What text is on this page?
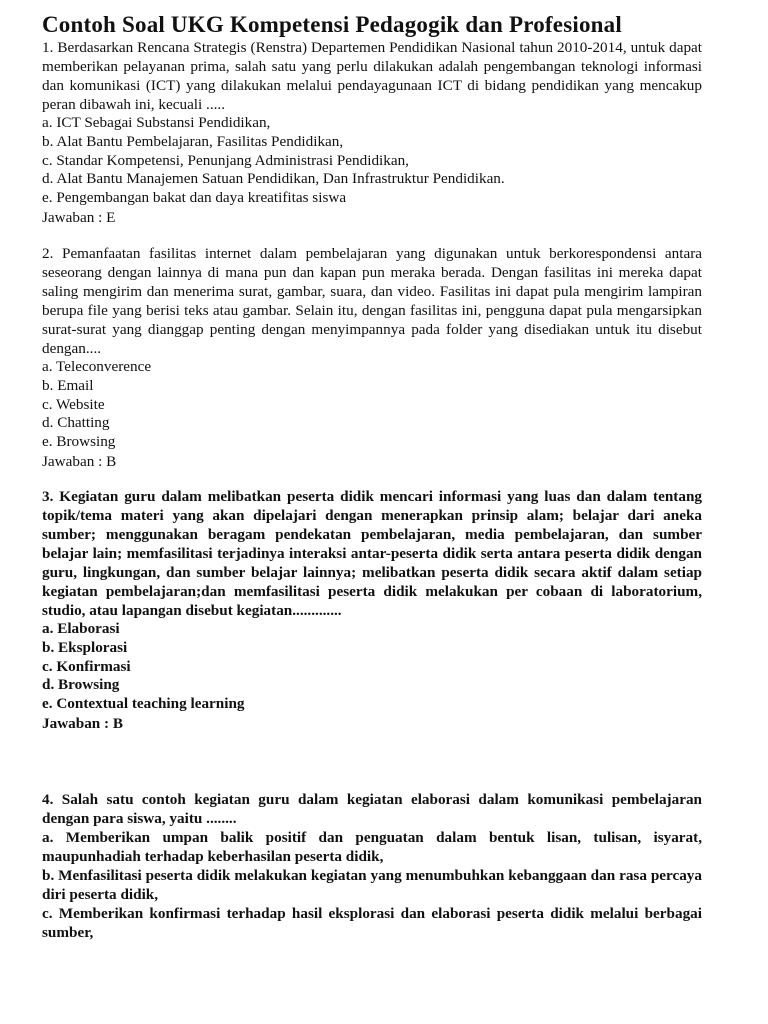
Contoh Soal UKG Kompetensi Pedagogik dan Profesional
1. Berdasarkan Rencana Strategis (Renstra) Departemen Pendidikan Nasional tahun 2010-2014, untuk dapat memberikan pelayanan prima, salah satu yang perlu dilakukan adalah pengembangan teknologi informasi dan komunikasi (ICT) yang dilakukan melalui pendayagunaan ICT di bidang pendidikan yang mencakup peran dibawah ini, kecuali .....
a. ICT Sebagai Substansi Pendidikan,
b. Alat Bantu Pembelajaran, Fasilitas Pendidikan,
c. Standar Kompetensi, Penunjang Administrasi Pendidikan,
d. Alat Bantu Manajemen Satuan Pendidikan, Dan Infrastruktur Pendidikan.
e. Pengembangan bakat dan daya kreatifitas siswa
Jawaban : E
2. Pemanfaatan fasilitas internet dalam pembelajaran yang digunakan untuk berkorespondensi antara seseorang dengan lainnya di mana pun dan kapan pun meraka berada. Dengan fasilitas ini mereka dapat saling mengirim dan menerima surat, gambar, suara, dan video. Fasilitas ini dapat pula mengirim lampiran berupa file yang berisi teks atau gambar. Selain itu, dengan fasilitas ini, pengguna dapat pula mengarsipkan surat-surat yang dianggap penting dengan menyimpannya pada folder yang disediakan untuk itu disebut dengan....
a. Teleconverence
b. Email
c. Website
d. Chatting
e. Browsing
Jawaban : B
3. Kegiatan guru dalam melibatkan peserta didik mencari informasi yang luas dan dalam tentang topik/tema materi yang akan dipelajari dengan menerapkan prinsip alam; belajar dari aneka sumber; menggunakan beragam pendekatan pembelajaran, media pembelajaran, dan sumber belajar lain; memfasilitasi terjadinya interaksi antar-peserta didik serta antara peserta didik dengan guru, lingkungan, dan sumber belajar lainnya; melibatkan peserta didik secara aktif dalam setiap kegiatan pembelajaran;dan memfasilitasi peserta didik melakukan per cobaan di laboratorium, studio, atau lapangan disebut kegiatan.............
a. Elaborasi
b. Eksplorasi
c. Konfirmasi
d. Browsing
e. Contextual teaching learning
Jawaban : B
4. Salah satu contoh kegiatan guru dalam kegiatan elaborasi dalam komunikasi pembelajaran dengan para siswa, yaitu ........
a. Memberikan umpan balik positif dan penguatan dalam bentuk lisan, tulisan, isyarat, maupunhadiah terhadap keberhasilan peserta didik,
b. Menfasilitasi peserta didik melakukan kegiatan yang menumbuhkan kebanggaan dan rasa percaya diri peserta didik,
c. Memberikan konfirmasi terhadap hasil eksplorasi dan elaborasi peserta didik melalui berbagai sumber,
